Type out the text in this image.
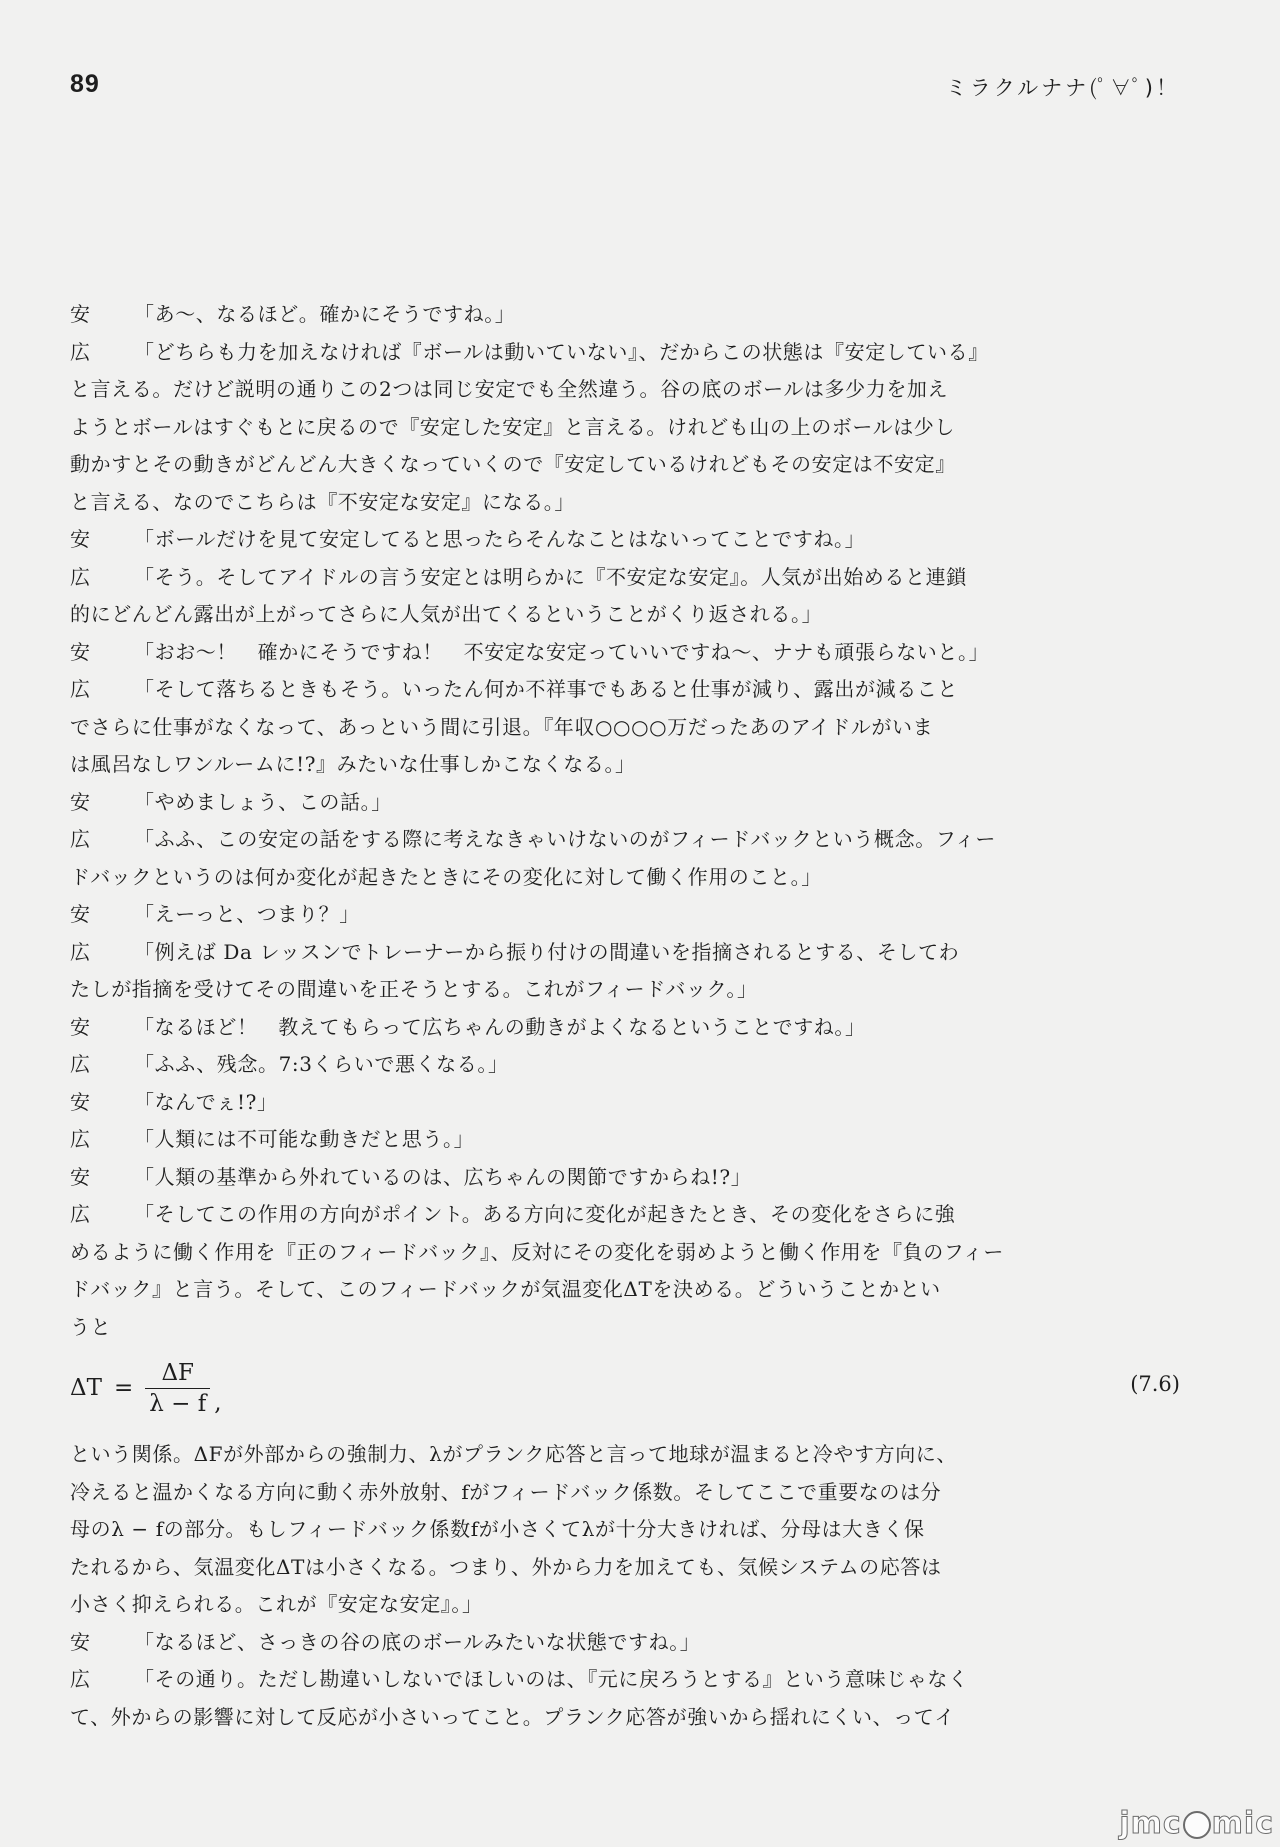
89	ミラクルナナ(ﾟ∀ﾟ)！
安 「あ〜、なるほど。確かにそうですね。」
広 「どちらも力を加えなければ『ボールは動いていない』、だからこの状態は『安定している』
と言える。だけど説明の通りこの2つは同じ安定でも全然違う。谷の底のボールは多少力を加え
ようとボールはすぐもとに戻るので『安定した安定』と言える。けれども山の上のボールは少し
動かすとその動きがどんどん大きくなっていくので『安定しているけれどもその安定は不安定』
と言える、なのでこちらは『不安定な安定』になる。」
安 「ボールだけを見て安定してると思ったらそんなことはないってことですね。」
広 「そう。そしてアイドルの言う安定とは明らかに『不安定な安定』。人気が出始めると連鎖
的にどんどん露出が上がってさらに人気が出てくるということがくり返される。」
安 「おお〜！　確かにそうですね！　不安定な安定っていいですね〜、ナナも頑張らないと。」
広 「そして落ちるときもそう。いったん何か不祥事でもあると仕事が減り、露出が減ること
でさらに仕事がなくなって、あっという間に引退。『年収○○○○万だったあのアイドルがいま
は風呂なしワンルームに!?』みたいな仕事しかこなくなる。」
安 「やめましょう、この話。」
広 「ふふ、この安定の話をする際に考えなきゃいけないのがフィードバックという概念。フィー
ドバックというのは何か変化が起きたときにその変化に対して働く作用のこと。」
安 「えーっと、つまり？」
広 「例えば Da レッスンでトレーナーから振り付けの間違いを指摘されるとする、そしてわ
たしが指摘を受けてその間違いを正そうとする。これがフィードバック。」
安 「なるほど！　教えてもらって広ちゃんの動きがよくなるということですね。」
広 「ふふ、残念。7:3くらいで悪くなる。」
安 「なんでぇ!?」
広 「人類には不可能な動きだと思う。」
安 「人類の基準から外れているのは、広ちゃんの関節ですからね!?」
広 「そしてこの作用の方向がポイント。ある方向に変化が起きたとき、その変化をさらに強
めるように働く作用を『正のフィードバック』、反対にその変化を弱めようと働く作用を『負のフィー
ドバック』と言う。そして、このフィードバックが気温変化ΔTを決める。どういうことかとい
うと
$\Delta T = \frac{\Delta F}{\lambda - f}$ ,
(7.6)
という関係。ΔFが外部からの強制力、λがプランク応答と言って地球が温まると冷やす方向に、
冷えると温かくなる方向に動く赤外放射、fがフィードバック係数。そしてここで重要なのは分
母のλ − fの部分。もしフィードバック係数fが小さくてλが十分大きければ、分母は大きく保
たれるから、気温変化ΔTは小さくなる。つまり、外から力を加えても、気候システムの応答は
小さく抑えられる。これが『安定な安定』。」
安 「なるほど、さっきの谷の底のボールみたいな状態ですね。」
広 「その通り。ただし勘違いしないでほしいのは、『元に戻ろうとする』という意味じゃなく
て、外からの影響に対して反応が小さいってこと。プランク応答が強いから揺れにくい、ってイ
jmc mic
